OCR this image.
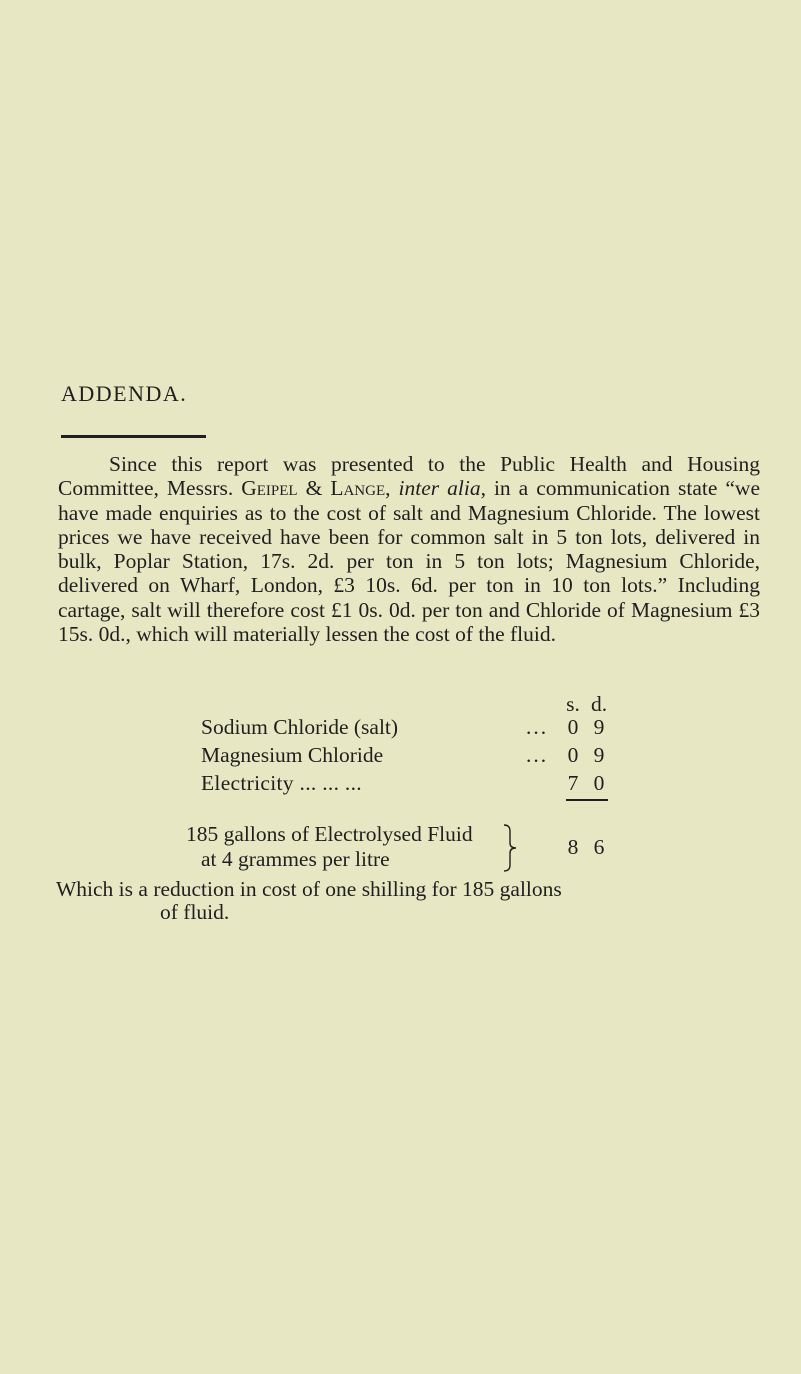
ADDENDA.

Since this report was presented to the Public Health and Housing Committee, Messrs. Geipel & Lange, inter alia, in a communication state “we have made enquiries as to the cost of salt and Magnesium Chloride. The lowest prices we have received have been for common salt in 5 ton lots, delivered in bulk, Poplar Station, 17s. 2d. per ton in 5 ton lots; Magnesium Chloride, delivered on Wharf, London, £3 10s. 6d. per ton in 10 ton lots.” Including cartage, salt will therefore cost £1 0s. 0d. per ton and Chloride of Magnesium £3 15s. 0d., which will materially lessen the cost of the fluid.

s. d.
Sodium Chloride (salt)	... 0 9
Magnesium Chloride	... 0 9
Electricity ... ... ...	7 0
185 gallons of Electrolysed Fluid
at 4 grammes per litre	8 6

Which is a reduction in cost of one shilling for 185 gallons

of fluid.
